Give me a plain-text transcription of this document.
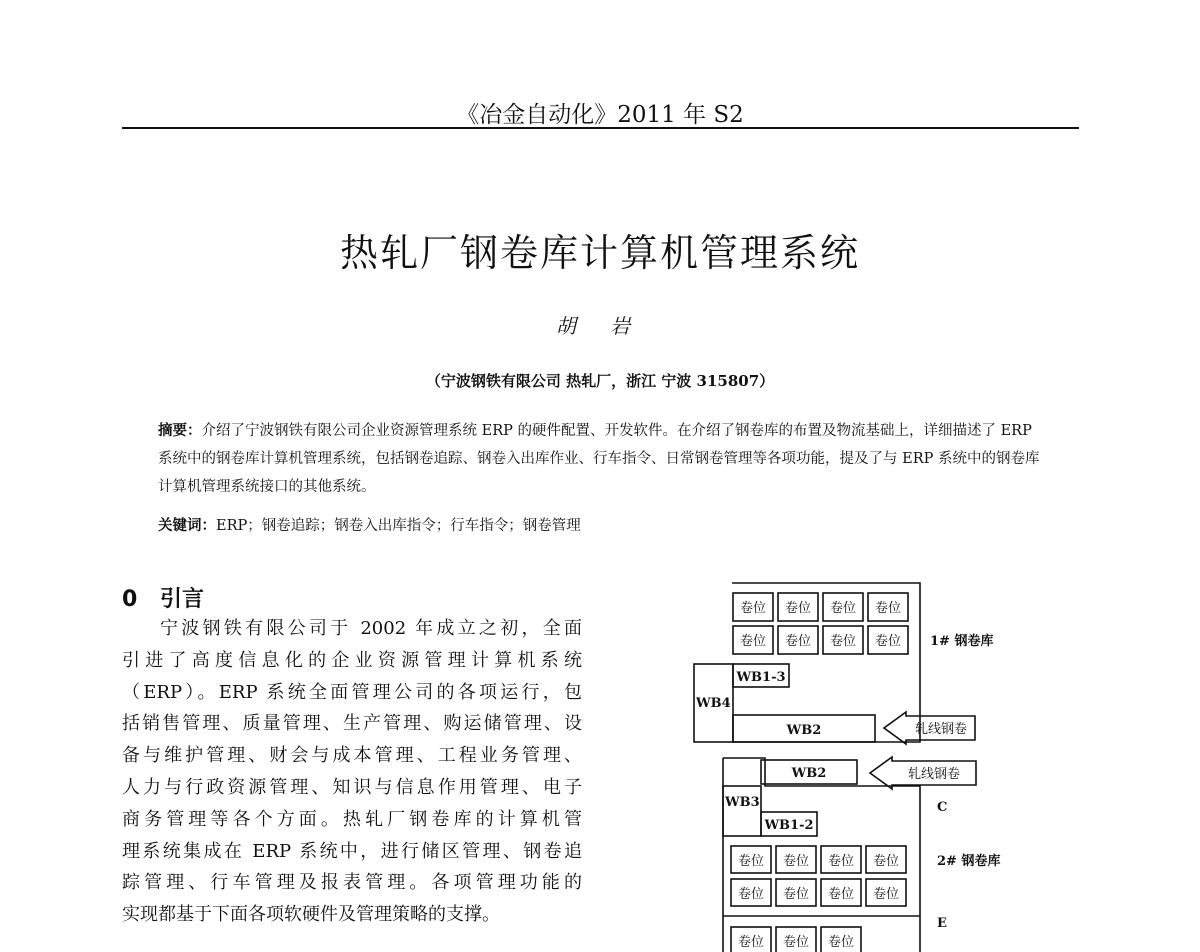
《冶金自动化》2011 年 S2
热轧厂钢卷库计算机管理系统
胡 岩
（宁波钢铁有限公司 热轧厂，浙江 宁波 315807）
摘要：介绍了宁波钢铁有限公司企业资源管理系统 ERP 的硬件配置、开发软件。在介绍了钢卷库的布置及物流基础上，详细描述了 ERP 系统中的钢卷库计算机管理系统，包括钢卷追踪、钢卷入出库作业、行车指令、日常钢卷管理等各项功能，提及了与 ERP 系统中的钢卷库计算机管理系统接口的其他系统。
关键词：ERP；钢卷追踪；钢卷入出库指令；行车指令；钢卷管理
0 引言
宁波钢铁有限公司于 2002 年成立之初，全面
引进了高度信息化的企业资源管理计算机系统
（ERP）。ERP 系统全面管理公司的各项运行，包
括销售管理、质量管理、生产管理、购运储管理、设
备与维护管理、财会与成本管理、工程业务管理、
人力与行政资源管理、知识与信息作用管理、电子
商务管理等各个方面。热轧厂钢卷库的计算机管
理系统集成在 ERP 系统中，进行储区管理、钢卷追
踪管理、行车管理及报表管理。各项管理功能的
实现都基于下面各项软硬件及管理策略的支撑。
卷位 卷位 卷位 卷位
卷位 卷位 卷位 卷位 1# 钢卷库
WB1-3
WB4
WB2	轧线钢卷
WB2	轧线钢卷
WB3	C
WB1-2
卷位 卷位 卷位 卷位	2# 钢卷库
卷位 卷位 卷位 卷位
E
卷位 卷位 卷位
